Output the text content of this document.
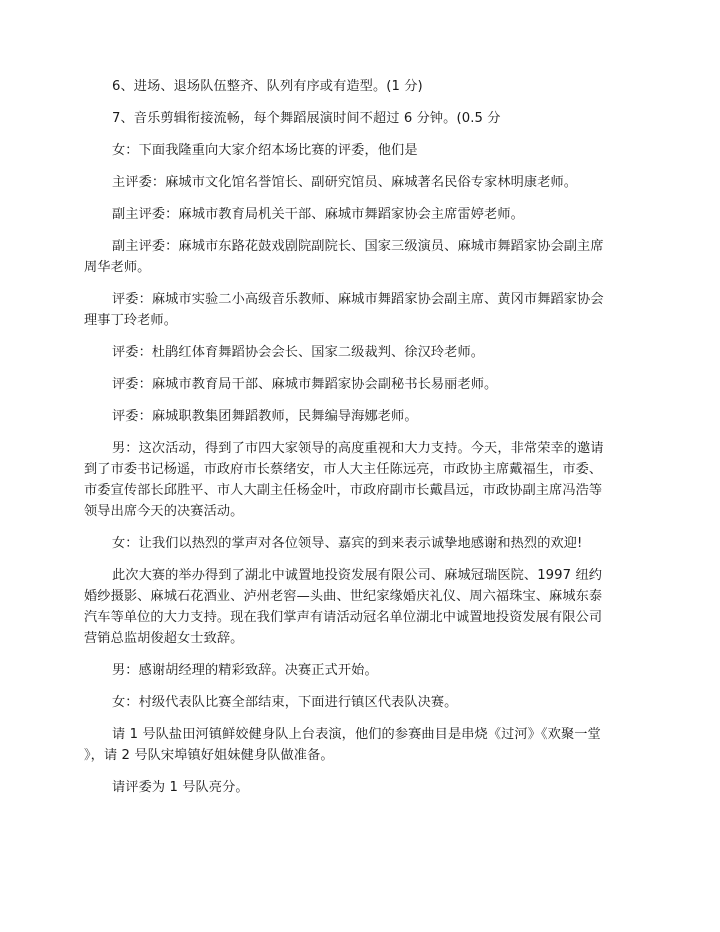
6、进场、退场队伍整齐、队列有序或有造型。(1 分)

7、音乐剪辑衔接流畅，每个舞蹈展演时间不超过 6 分钟。(0.5 分

女：下面我隆重向大家介绍本场比赛的评委，他们是

主评委：麻城市文化馆名誉馆长、副研究馆员、麻城著名民俗专家林明康老师。

副主评委：麻城市教育局机关干部、麻城市舞蹈家协会主席雷婷老师。

副主评委：麻城市东路花鼓戏剧院副院长、国家三级演员、麻城市舞蹈家协会副主席
周华老师。

评委：麻城市实验二小高级音乐教师、麻城市舞蹈家协会副主席、黄冈市舞蹈家协会
理事丁玲老师。

评委：杜鹃红体育舞蹈协会会长、国家二级裁判、徐汉玲老师。

评委：麻城市教育局干部、麻城市舞蹈家协会副秘书长易丽老师。

评委：麻城职教集团舞蹈教师，民舞编导海娜老师。

男：这次活动，得到了市四大家领导的高度重视和大力支持。今天，非常荣幸的邀请
到了市委书记杨遥，市政府市长蔡绪安，市人大主任陈远亮，市政协主席戴福生，市委、
市委宣传部长邱胜平、市人大副主任杨金叶，市政府副市长戴昌远，市政协副主席冯浩等
领导出席今天的决赛活动。

女：让我们以热烈的掌声对各位领导、嘉宾的到来表示诚挚地感谢和热烈的欢迎!

此次大赛的举办得到了湖北中诚置地投资发展有限公司、麻城冠瑞医院、1997 纽约
婚纱摄影、麻城石花酒业、泸州老窖—头曲、世纪家缘婚庆礼仪、周六福珠宝、麻城东泰
汽车等单位的大力支持。现在我们掌声有请活动冠名单位湖北中诚置地投资发展有限公司
营销总监胡俊超女士致辞。

男：感谢胡经理的精彩致辞。决赛正式开始。

女：村级代表队比赛全部结束，下面进行镇区代表队决赛。

请 1 号队盐田河镇鲜姣健身队上台表演，他们的参赛曲目是串烧《过河》《欢聚一堂
》，请 2 号队宋埠镇好姐妹健身队做准备。

请评委为 1 号队亮分。
